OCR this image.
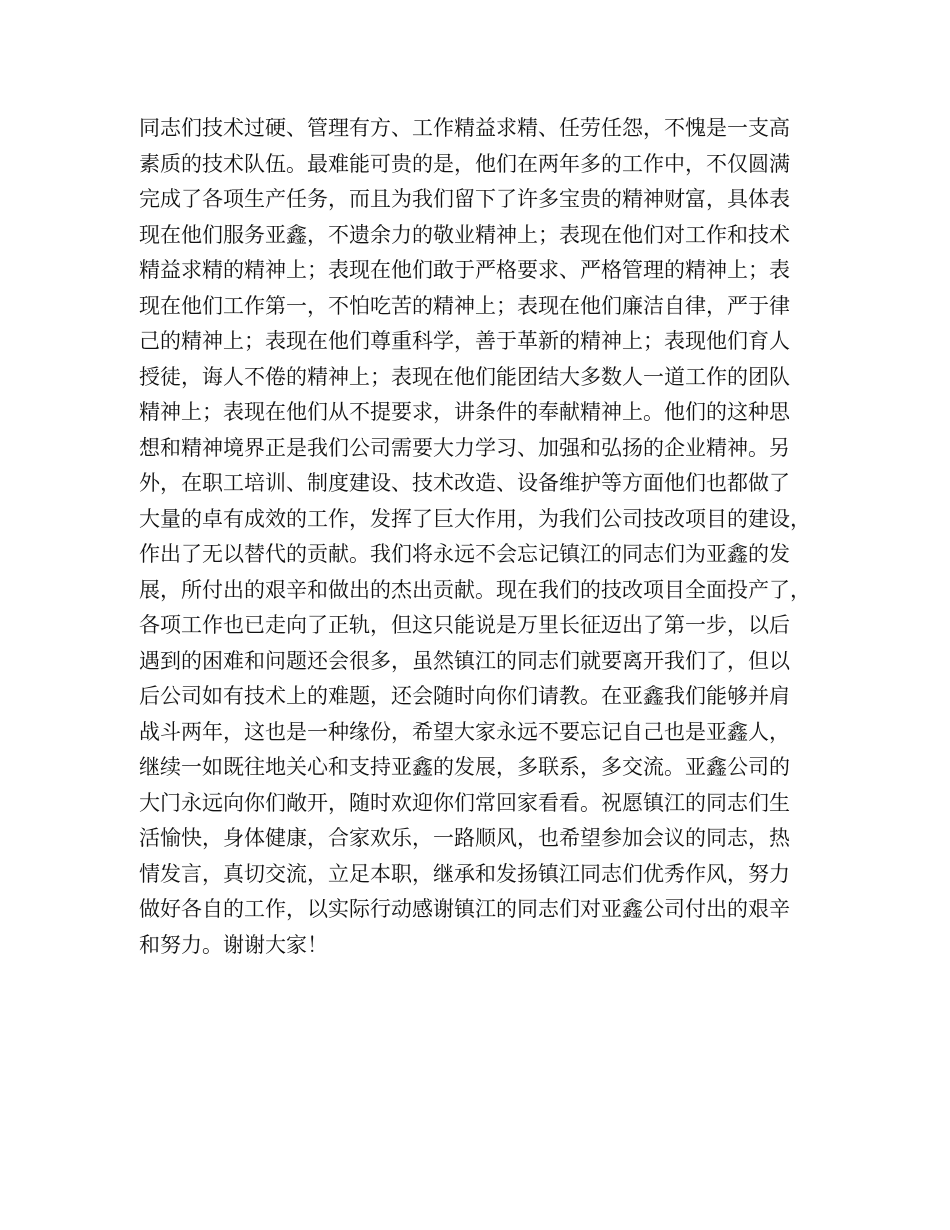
同志们技术过硬、管理有方、工作精益求精、任劳任怨，不愧是一支高
素质的技术队伍。最难能可贵的是，他们在两年多的工作中，不仅圆满
完成了各项生产任务，而且为我们留下了许多宝贵的精神财富，具体表
现在他们服务亚鑫，不遗余力的敬业精神上；表现在他们对工作和技术
精益求精的精神上；表现在他们敢于严格要求、严格管理的精神上；表
现在他们工作第一，不怕吃苦的精神上；表现在他们廉洁自律，严于律
己的精神上；表现在他们尊重科学，善于革新的精神上；表现他们育人
授徒，诲人不倦的精神上；表现在他们能团结大多数人一道工作的团队
精神上；表现在他们从不提要求，讲条件的奉献精神上。他们的这种思
想和精神境界正是我们公司需要大力学习、加强和弘扬的企业精神。另
外，在职工培训、制度建设、技术改造、设备维护等方面他们也都做了
大量的卓有成效的工作，发挥了巨大作用，为我们公司技改项目的建设，
作出了无以替代的贡献。我们将永远不会忘记镇江的同志们为亚鑫的发
展，所付出的艰辛和做出的杰出贡献。现在我们的技改项目全面投产了，
各项工作也已走向了正轨，但这只能说是万里长征迈出了第一步，以后
遇到的困难和问题还会很多，虽然镇江的同志们就要离开我们了，但以
后公司如有技术上的难题，还会随时向你们请教。在亚鑫我们能够并肩
战斗两年，这也是一种缘份，希望大家永远不要忘记自己也是亚鑫人，
继续一如既往地关心和支持亚鑫的发展，多联系，多交流。亚鑫公司的
大门永远向你们敞开，随时欢迎你们常回家看看。祝愿镇江的同志们生
活愉快，身体健康，合家欢乐，一路顺风，也希望参加会议的同志，热
情发言，真切交流，立足本职，继承和发扬镇江同志们优秀作风，努力
做好各自的工作，以实际行动感谢镇江的同志们对亚鑫公司付出的艰辛
和努力。谢谢大家！
